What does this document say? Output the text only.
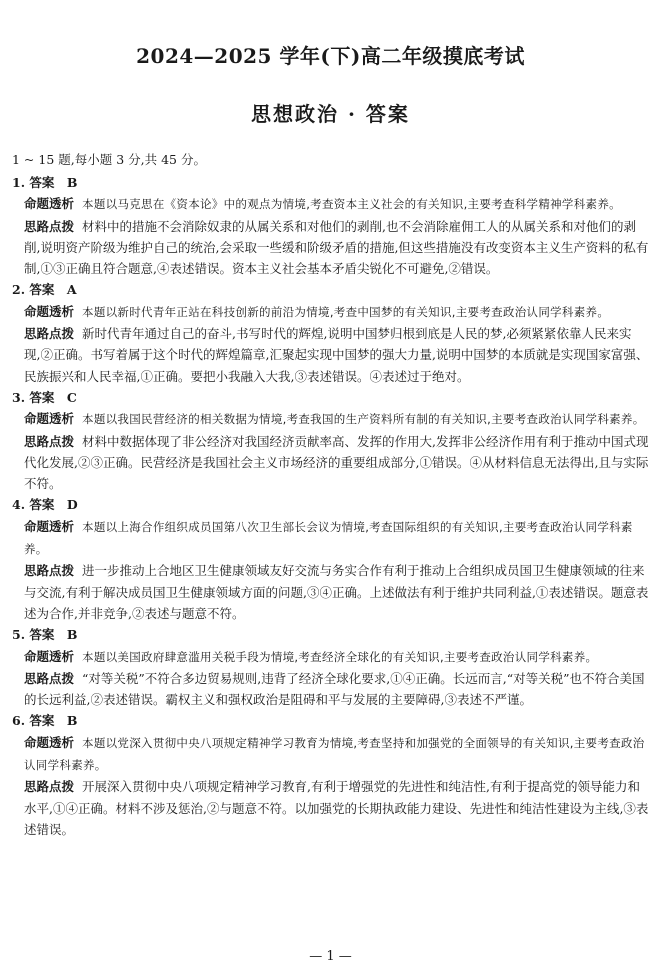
2024—2025 学年(下)高二年级摸底考试
思想政治 · 答案
1 ~ 15 题,每小题 3 分,共 45 分。
1. 答案　B
命题透析 本题以马克思在《资本论》中的观点为情境,考查资本主义社会的有关知识,主要考查科学精神学科素养。
思路点拨 材料中的措施不会消除奴隶的从属关系和对他们的剥削,也不会消除雇佣工人的从属关系和对他们的剥削,说明资产阶级为维护自己的统治,会采取一些缓和阶级矛盾的措施,但这些措施没有改变资本主义生产资料的私有制,①③正确且符合题意,④表述错误。资本主义社会基本矛盾尖锐化不可避免,②错误。
2. 答案　A
命题透析 本题以新时代青年正站在科技创新的前沿为情境,考查中国梦的有关知识,主要考查政治认同学科素养。
思路点拨 新时代青年通过自己的奋斗,书写时代的辉煌,说明中国梦归根到底是人民的梦,必须紧紧依靠人民来实现,②正确。书写着属于这个时代的辉煌篇章,汇聚起实现中国梦的强大力量,说明中国梦的本质就是实现国家富强、民族振兴和人民幸福,①正确。要把小我融入大我,③表述错误。④表述过于绝对。
3. 答案　C
命题透析 本题以我国民营经济的相关数据为情境,考查我国的生产资料所有制的有关知识,主要考查政治认同学科素养。
思路点拨 材料中数据体现了非公经济对我国经济贡献率高、发挥的作用大,发挥非公经济作用有利于推动中国式现代化发展,②③正确。民营经济是我国社会主义市场经济的重要组成部分,①错误。④从材料信息无法得出,且与实际不符。
4. 答案　D
命题透析 本题以上海合作组织成员国第八次卫生部长会议为情境,考查国际组织的有关知识,主要考查政治认同学科素养。
思路点拨 进一步推动上合地区卫生健康领域友好交流与务实合作有利于推动上合组织成员国卫生健康领域的往来与交流,有利于解决成员国卫生健康领域方面的问题,③④正确。上述做法有利于维护共同利益,①表述错误。题意表述为合作,并非竞争,②表述与题意不符。
5. 答案　B
命题透析 本题以美国政府肆意滥用关税手段为情境,考查经济全球化的有关知识,主要考查政治认同学科素养。
思路点拨 “对等关税”不符合多边贸易规则,违背了经济全球化要求,①④正确。长远而言,“对等关税”也不符合美国的长远利益,②表述错误。霸权主义和强权政治是阻碍和平与发展的主要障碍,③表述不严谨。
6. 答案　B
命题透析 本题以党深入贯彻中央八项规定精神学习教育为情境,考查坚持和加强党的全面领导的有关知识,主要考查政治认同学科素养。
思路点拨 开展深入贯彻中央八项规定精神学习教育,有利于增强党的先进性和纯洁性,有利于提高党的领导能力和水平,①④正确。材料不涉及惩治,②与题意不符。以加强党的长期执政能力建设、先进性和纯洁性建设为主线,③表述错误。
— 1 —
